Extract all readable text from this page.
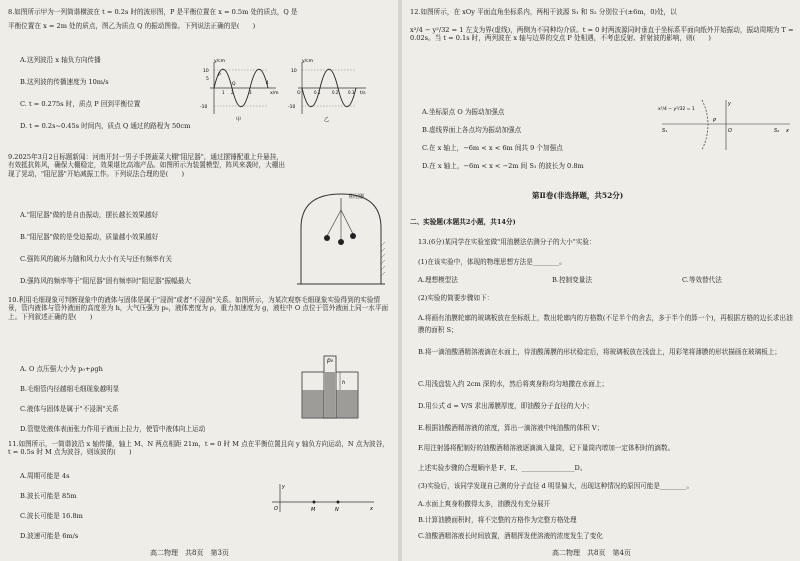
8.如图所示甲为一列简谐横波在 t = 0.2s 时的波形图，P 是平衡位置在 x = 0.5m 处的质点，Q 是
平衡位置在 x = 2m 处的质点，图乙为质点 Q 的振动图像。下列说法正确的是(　　)
A.这列波沿 x 轴负方向传播
B.这列波的传播速度为 10m/s
C. t = 0.275s 时，质点 P 回到平衡位置
D. t = 0.2s~0.45s 时间内，质点 Q 通过的路程为 50cm
y/cm
x/m
10
5
-10
1 2	3
4
P
Q
甲
y/cm
t/s
10
-10
O	0.1	0.2 0.3
乙
9.2025年3月2日标题新闻：河南开封一男子手搓蔬菜大棚"阻尼器"，通过摆锤配重上升悬挂，有效抵抗阵风，确保大棚稳定，效果堪比高端产品。如图所示为装置模型，阵风来袭时，大棚出现了晃动，"阻尼器"开始减振工作。下列说法合理的是(　　)
A."阻尼器"做的是自由振动，摆长越长效果越好
B."阻尼器"做的是受迫振动，质量越小效果越好
C.强阵风的破坏力随和风力大小有关与还有频率有关
D.强阵风的频率等于"阻尼器"固有频率时"阻尼器"振幅最大
阻尼器
10.利用毛细现象可判断现象中的液体与固体是属于"浸润"或者"不浸润"关系。如图所示，为某次观察毛细现象实验得到的实验情景，管内液体与管外液面的高度差为 h，大气压强为 p₀，液体密度为 ρ，重力加速度为 g，液柱中 O 点位于管外液面上同一水平面上。下列叙述正确的是(　　)
A. O 点压强大小为 p₀+ρgh
B.毛细管内径越细毛细现象越明显
C.液体与固体是属于"不浸润"关系
D.管壁处液体表面张力作用于液面上拉力，使管中液体向上运动
p₀
h
11.如图所示，一简谐波沿 x 轴传播，轴上 M、N 两点相距 21m，t = 0 时 M 点在平衡位置且向 y 轴负方向运动，N 点为波谷，t = 0.5s 时 M 点为波谷，则该波的(　　)
A.周期可能是 4s
B.波长可能是 85m
C.波长可能是 16.8m
D.波速可能是 6m/s
y
x
O	M	N
高二物理　共8页　第3页
12.如图所示，在 xOy 平面直角坐标系内，两相干波源 S₁ 和 S₂ 分别位于(±6m，0)处，以
x²/4 − y²/32 = 1 左支为界(虚线)，两侧为不同种均介质。t = 0 时两波源同时垂直于坐标系平面向纸外开始振动，振动周期为 T = 0.02s。当 t = 0.1s 时，两列波在 x 轴与边界的交点 P 处相遇，不考虑反射、折射波的影响，则(　　)
A.坐标原点 O 为振动加强点
B.虚线界面上各点均为振动加强点
C.在 x 轴上，−6m < x < 6m 间共 9 个加强点
D.在 x 轴上，−6m < x < −2m 间 S₁ 的波长为 0.8m
x²/4 − y²/32 = 1
y
P
O	x
S₁	S₂
第Ⅱ卷(非选择题，共52分)
二、实验题(本题共2小题，共14分)
13.(6分)某同学在实验室做"用油膜法估测分子的大小"实验：
(1)在该实验中，体现的物理思想方法是________。
A.理想模型法	B.控制变量法	C.等效替代法
(2)实验的简要步骤如下：
A.将画有油膜轮廓的玻璃板放在坐标纸上，数出轮廓内的方格数(不足半个的舍去，多于半个的算一个)，再根据方格的边长求出油膜的面积 S；
B.将一滴油酸酒精溶液滴在水面上，待油酸薄膜的形状稳定后，将玻璃板放在浅盘上，用彩笔将薄膜的形状描画在玻璃板上；
C.用浅盘装入约 2cm 深的水，然后将爽身粉均匀地撒在水面上；
D.用公式 d = V/S 求出薄膜厚度，即油酸分子直径的大小；
E.根据油酸酒精溶液的浓度，算出一滴溶液中纯油酸的体积 V；
F.用注射器将配制好的油酸酒精溶液逐滴滴入量筒，记下量筒内增加一定体积时的滴数。
上述实验步骤的合理顺序是 F、E、________________D。
(3)实验后，该同学发现自己测的分子直径 d 明显偏大，出现这种情况的原因可能是________。
A.水面上爽身粉撒得太多，油膜没有充分展开
B.计算油膜面积时，将不完整的方格作为完整方格处理
C.油酸酒精溶液长时间放置，酒精挥发使溶液的浓度发生了变化
高二物理　共8页　第4页
